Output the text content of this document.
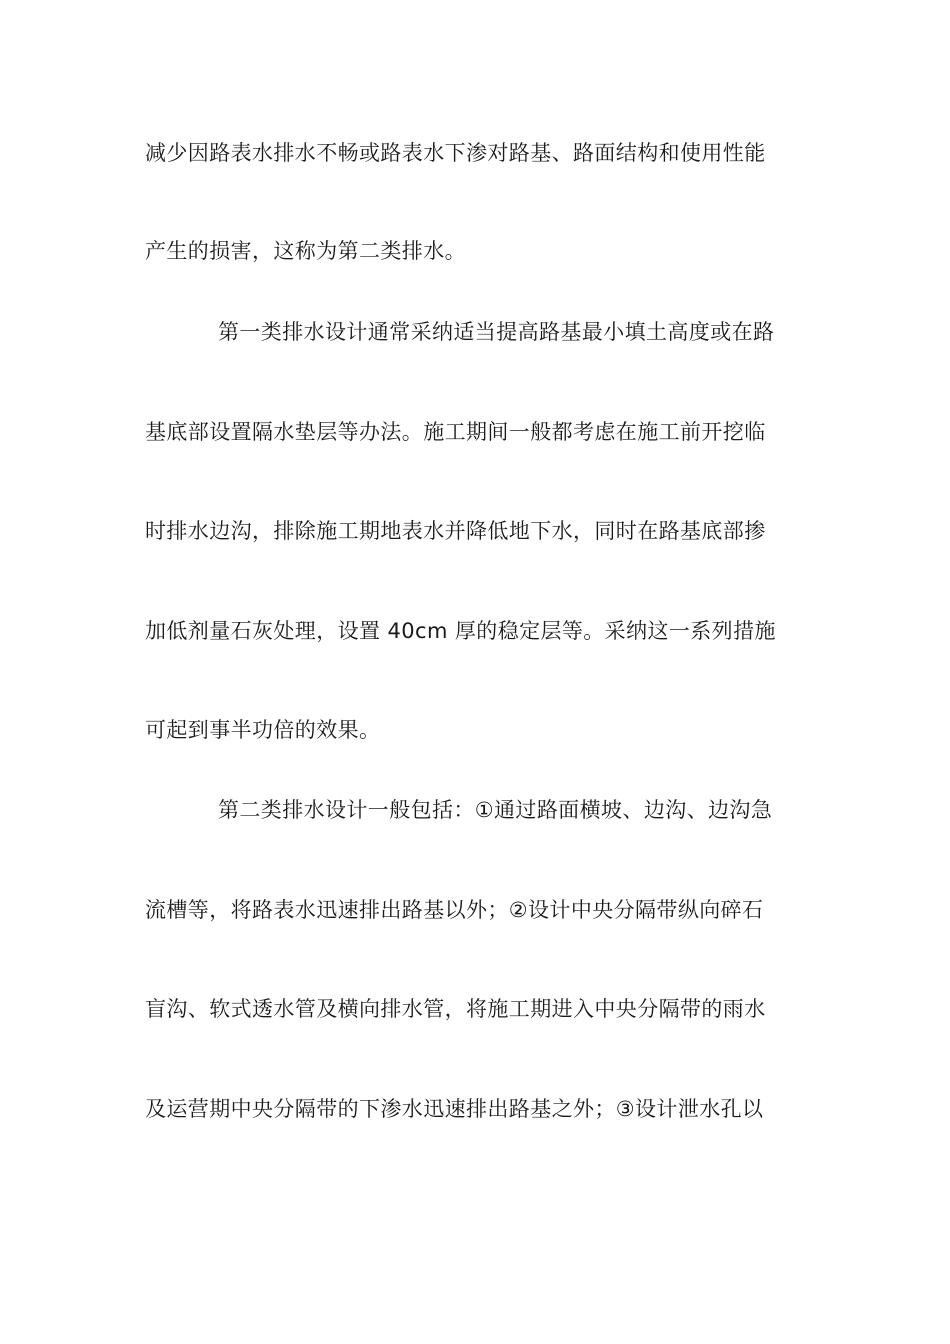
减少因路表水排水不畅或路表水下渗对路基、路面结构和使用性能
产生的损害，这称为第二类排水。
第一类排水设计通常采纳适当提高路基最小填土高度或在路
基底部设置隔水垫层等办法。施工期间一般都考虑在施工前开挖临
时排水边沟，排除施工期地表水并降低地下水，同时在路基底部掺
加低剂量石灰处理，设置 40cm 厚的稳定层等。采纳这一系列措施
可起到事半功倍的效果。
第二类排水设计一般包括：①通过路面横坡、边沟、边沟急
流槽等，将路表水迅速排出路基以外；②设计中央分隔带纵向碎石
盲沟、软式透水管及横向排水管，将施工期进入中央分隔带的雨水
及运营期中央分隔带的下渗水迅速排出路基之外；③设计泄水孔以
